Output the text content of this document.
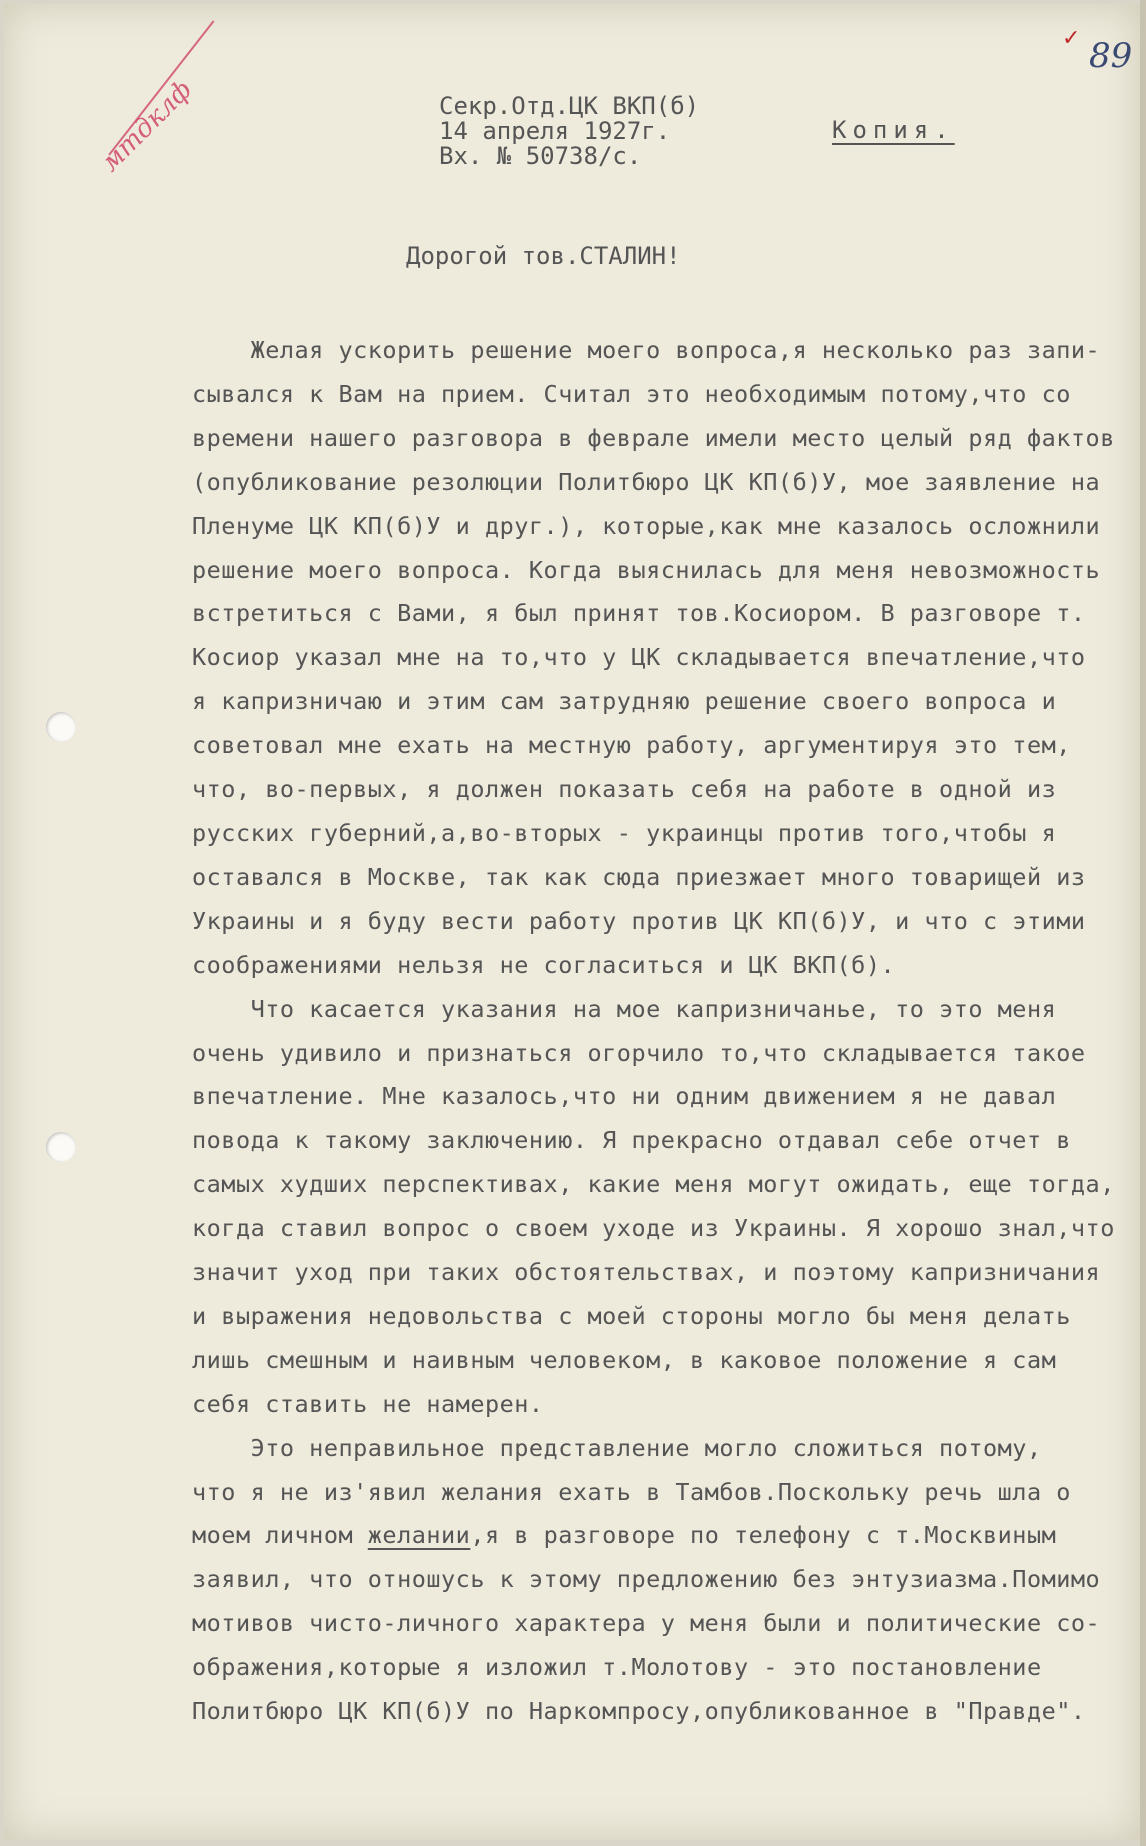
мтдклф
✓ 89
Секр.Отд.ЦК ВКП(б)
14 апреля 1927г.
Вх. № 50738/с.
Копия.
Дорогой тов.СТАЛИН!
Желая ускорить решение моего вопроса,я несколько раз запи-
сывался к Вам на прием. Считал это необходимым потому,что со
времени нашего разговора в феврале имели место целый ряд фактов
(опубликование резолюции Политбюро ЦК КП(б)У, мое заявление на
Пленуме ЦК КП(б)У и друг.), которые,как мне казалось осложнили
решение моего вопроса. Когда выяснилась для меня невозможность
встретиться с Вами, я был принят тов.Косиором. В разговоре т.
Косиор указал мне на то,что у ЦК складывается впечатление,что
я капризничаю и этим сам затрудняю решение своего вопроса и
советовал мне ехать на местную работу, аргументируя это тем,
что, во-первых, я должен показать себя на работе в одной из
русских губерний,а,во-вторых - украинцы против того,чтобы я
оставался в Москве, так как сюда приезжает много товарищей из
Украины и я буду вести работу против ЦК КП(б)У, и что с этими
соображениями нельзя не согласиться и ЦК ВКП(б).
Что касается указания на мое капризничанье, то это меня
очень удивило и признаться огорчило то,что складывается такое
впечатление. Мне казалось,что ни одним движением я не давал
повода к такому заключению. Я прекрасно отдавал себе отчет в
самых худших перспективах, какие меня могут ожидать, еще тогда,
когда ставил вопрос о своем уходе из Украины. Я хорошо знал,что
значит уход при таких обстоятельствах, и поэтому капризничания
и выражения недовольства с моей стороны могло бы меня делать
лишь смешным и наивным человеком, в каковое положение я сам
себя ставить не намерен.
Это неправильное представление могло сложиться потому,
что я не из'явил желания ехать в Тамбов.Поскольку речь шла о
моем личном желании,я в разговоре по телефону с т.Москвиным
заявил, что отношусь к этому предложению без энтузиазма.Помимо
мотивов чисто-личного характера у меня были и политические со-
ображения,которые я изложил т.Молотову - это постановление
Политбюро ЦК КП(б)У по Наркомпросу,опубликованное в "Правде".
